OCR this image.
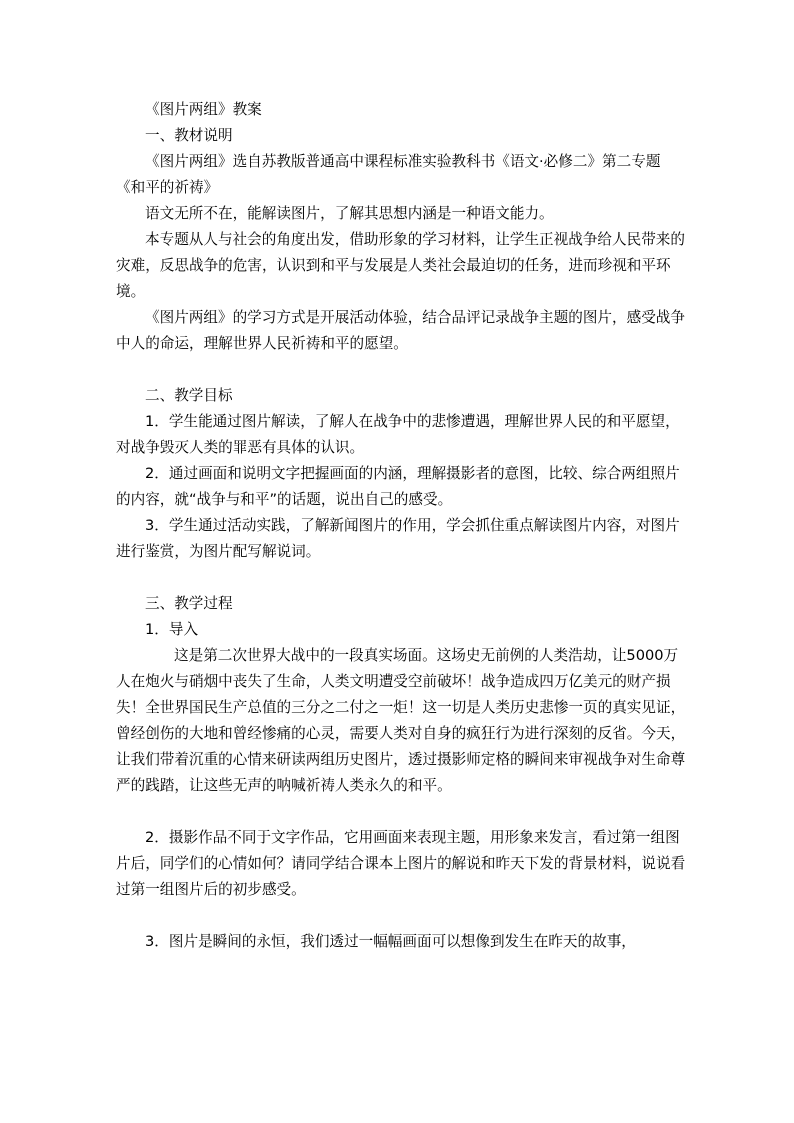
《图片两组》教案

一、教材说明

《图片两组》选自苏教版普通高中课程标准实验教科书《语文·必修二》第二专题《和平的祈祷》

语文无所不在，能解读图片，了解其思想内涵是一种语文能力。

本专题从人与社会的角度出发，借助形象的学习材料，让学生正视战争给人民带来的灾难，反思战争的危害，认识到和平与发展是人类社会最迫切的任务，进而珍视和平环境。

《图片两组》的学习方式是开展活动体验，结合品评记录战争主题的图片，感受战争中人的命运，理解世界人民祈祷和平的愿望。

二、教学目标

1．学生能通过图片解读，了解人在战争中的悲惨遭遇，理解世界人民的和平愿望，对战争毁灭人类的罪恶有具体的认识。

2．通过画面和说明文字把握画面的内涵，理解摄影者的意图，比较、综合两组照片的内容，就“战争与和平”的话题，说出自己的感受。

3．学生通过活动实践，了解新闻图片的作用，学会抓住重点解读图片内容，对图片进行鉴赏，为图片配写解说词。

三、教学过程

1．导入

这是第二次世界大战中的一段真实场面。这场史无前例的人类浩劫，让5000万人在炮火与硝烟中丧失了生命，人类文明遭受空前破坏！战争造成四万亿美元的财产损失！全世界国民生产总值的三分之二付之一炬！这一切是人类历史悲惨一页的真实见证，曾经创伤的大地和曾经惨痛的心灵，需要人类对自身的疯狂行为进行深刻的反省。今天，让我们带着沉重的心情来研读两组历史图片，透过摄影师定格的瞬间来审视战争对生命尊严的践踏，让这些无声的呐喊祈祷人类永久的和平。

2．摄影作品不同于文字作品，它用画面来表现主题，用形象来发言，看过第一组图片后，同学们的心情如何？请同学结合课本上图片的解说和昨天下发的背景材料，说说看过第一组图片后的初步感受。

3．图片是瞬间的永恒，我们透过一幅幅画面可以想像到发生在昨天的故事，
